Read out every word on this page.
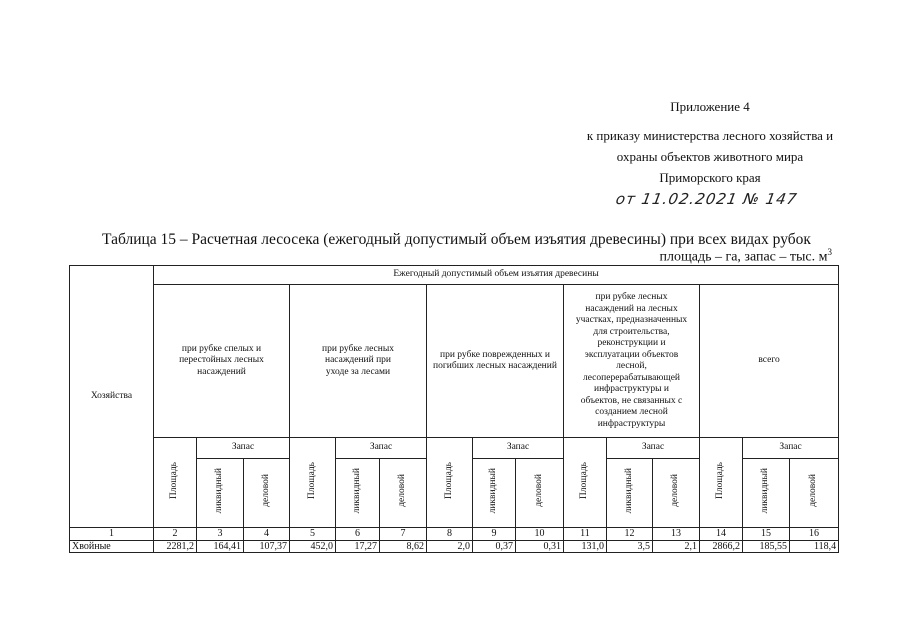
Приложение 4
к приказу министерства лесного хозяйства и
охраны объектов животного мира
Приморского края
от 11.02.2021 № 147
Таблица 15 – Расчетная лесосека (ежегодный допустимый объем изъятия древесины) при всех видах рубок
площадь – га, запас – тыс. $м^3$
Хозяйства	Ежегодный допустимый объем изъятия древесины														
	при рубке спелых и перестойных лесных насаждений			при рубке лесных насаждений при уходе за лесами			при рубке поврежденных и погибших лесных насаждений			при рубке лесных насаждений на лесных участках, предназначенных для строительства, реконструкции и эксплуатации объектов лесной, лесоперерабатывающей инфраструктуры и объектов, не связанных с созданием лесной инфраструктуры			всего		
	Площадь	Запас		Площадь	Запас		Площадь	Запас		Площадь	Запас		Площадь	Запас	
		ликвидный	деловой		ликвидный	деловой		ликвидный	деловой		ликвидный	деловой		ликвидный	деловой
1	2	3	4	5	6	7	8	9	10	11	12	13	14	15	16
Хвойные	2281,2	164,41	107,37	452,0	17,27	8,62	2,0	0,37	0,31	131,0	3,5	2,1	2866,2	185,55	118,4
